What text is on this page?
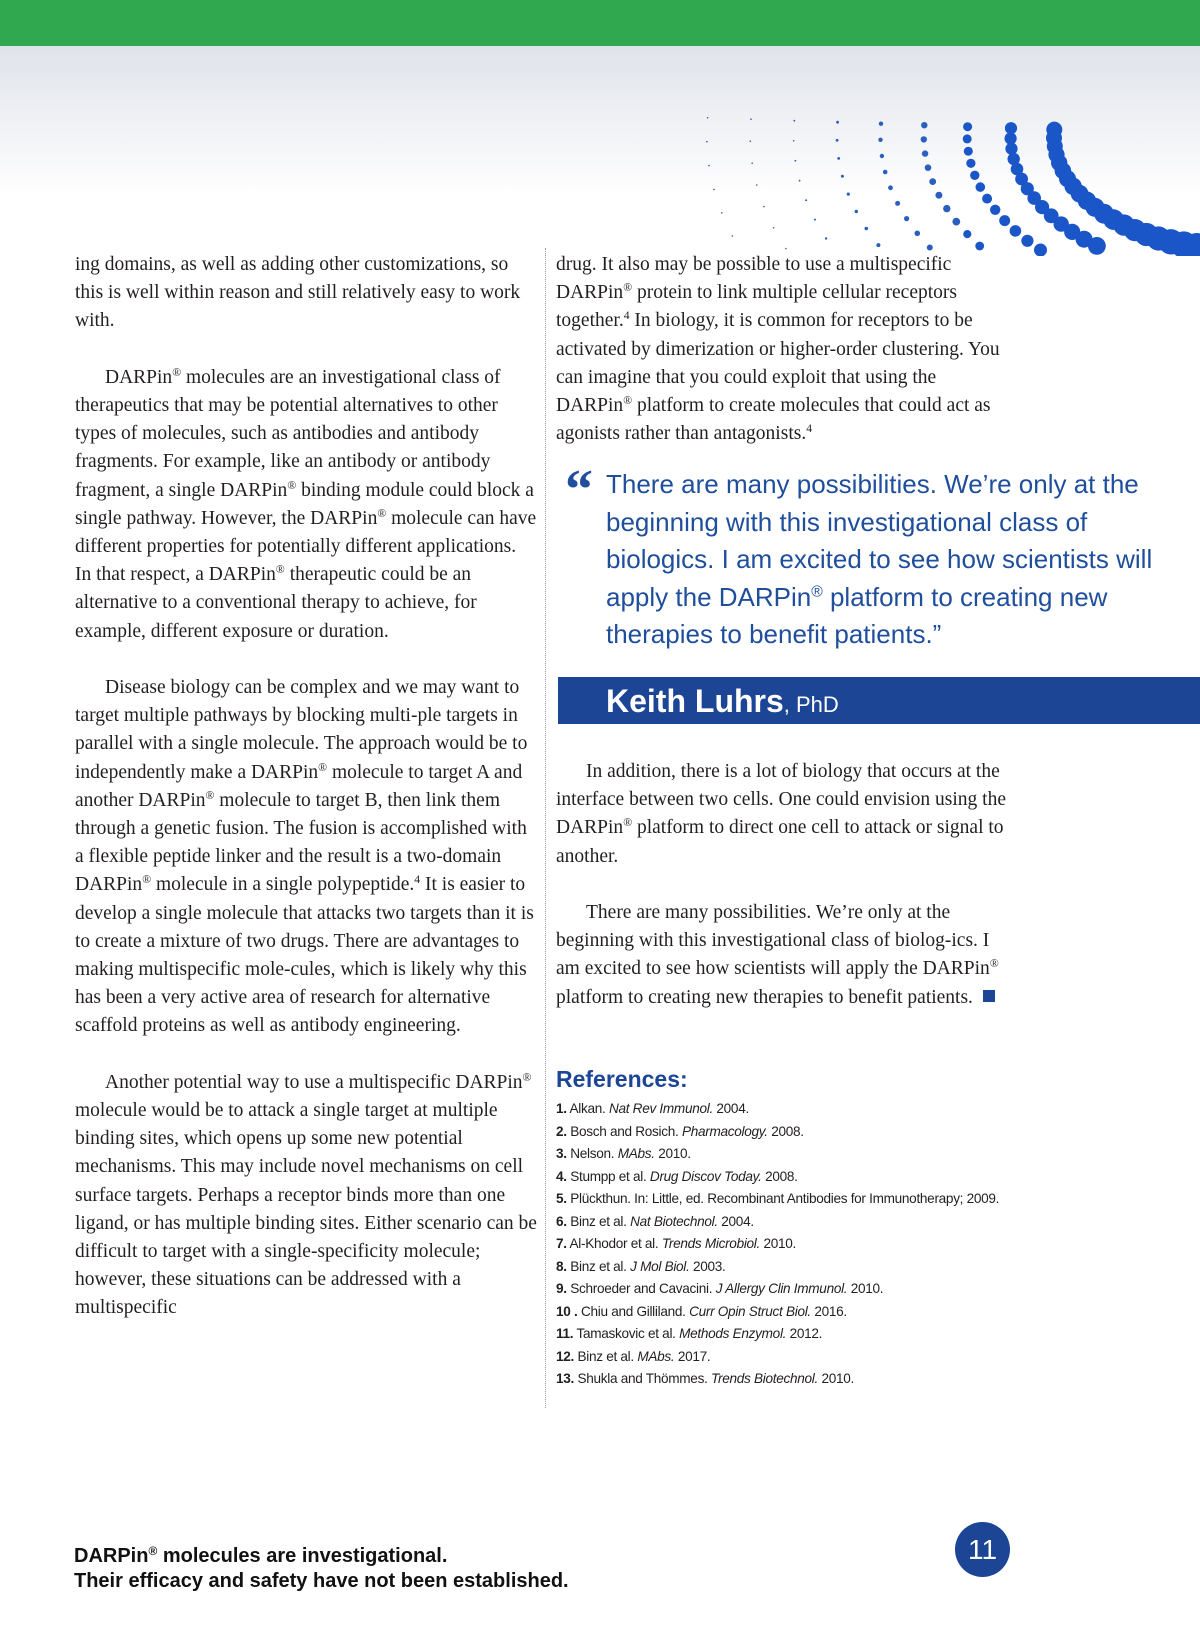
ing domains, as well as adding other customizations, so this is well within reason and still relatively easy to work with.

DARPin® molecules are an investigational class of therapeutics that may be potential alternatives to other types of molecules, such as antibodies and antibody fragments. For example, like an antibody or antibody fragment, a single DARPin® binding module could block a single pathway. However, the DARPin® molecule can have different properties for potentially different applications. In that respect, a DARPin® therapeutic could be an alternative to a conventional therapy to achieve, for example, different exposure or duration.

Disease biology can be complex and we may want to target multiple pathways by blocking multi-ple targets in parallel with a single molecule. The approach would be to independently make a DARPin® molecule to target A and another DARPin® molecule to target B, then link them through a genetic fusion. The fusion is accomplished with a flexible peptide linker and the result is a two-domain DARPin® molecule in a single polypeptide.$^4$ It is easier to develop a single molecule that attacks two targets than it is to create a mixture of two drugs. There are advantages to making multispecific mole-cules, which is likely why this has been a very active area of research for alternative scaffold proteins as well as antibody engineering.

Another potential way to use a multispecific DARPin® molecule would be to attack a single target at multiple binding sites, which opens up some new potential mechanisms. This may include novel mechanisms on cell surface targets. Perhaps a receptor binds more than one ligand, or has multiple binding sites. Either scenario can be difficult to target with a single-specificity molecule; however, these situations can be addressed with a multispecific

drug. It also may be possible to use a multispecific DARPin® protein to link multiple cellular receptors together.$^4$ In biology, it is common for receptors to be activated by dimerization or higher-order clustering. You can imagine that you could exploit that using the DARPin® platform to create molecules that could act as agonists rather than antagonists.$^4$

“ There are many possibilities. We’re only at the beginning with this investigational class of biologics. I am excited to see how scientists will apply the DARPin® platform to creating new therapies to benefit patients.”
Keith Luhrs, PhD

In addition, there is a lot of biology that occurs at the interface between two cells. One could envision using the DARPin® platform to direct one cell to attack or signal to another.

There are many possibilities. We’re only at the beginning with this investigational class of biolog-ics. I am excited to see how scientists will apply the DARPin® platform to creating new therapies to benefit patients.

References:
1. Alkan. Nat Rev Immunol. 2004.
2. Bosch and Rosich. Pharmacology. 2008.
3. Nelson. MAbs. 2010.
4. Stumpp et al. Drug Discov Today. 2008.
5. Plückthun. In: Little, ed. Recombinant Antibodies for Immunotherapy; 2009.
6. Binz et al. Nat Biotechnol. 2004.
7. Al-Khodor et al. Trends Microbiol. 2010.
8. Binz et al. J Mol Biol. 2003.
9. Schroeder and Cavacini. J Allergy Clin Immunol. 2010.
10 . Chiu and Gilliland. Curr Opin Struct Biol. 2016.
11. Tamaskovic et al. Methods Enzymol. 2012.
12. Binz et al. MAbs. 2017.
13. Shukla and Thömmes. Trends Biotechnol. 2010.
DARPin® molecules are investigational.
Their efficacy and safety have not been established.
11
